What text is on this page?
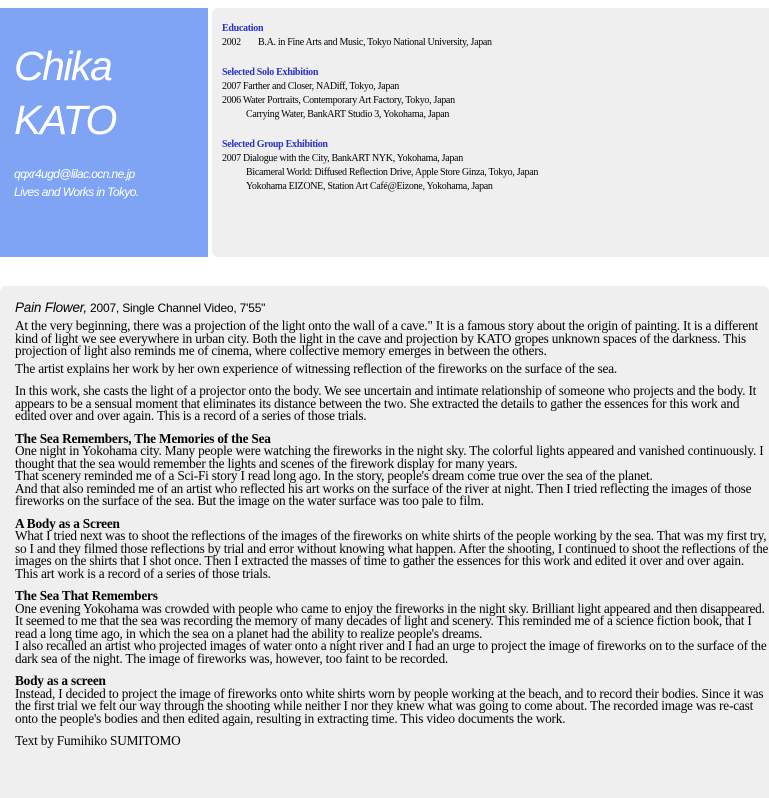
Chika
KATO
qqxr4ugd@lilac.ocn.ne.jp
Lives and Works in Tokyo.
Education
2002 B.A. in Fine Arts and Music, Tokyo National University, Japan
Selected Solo Exhibition
2007 Farther and Closer, NADiff, Tokyo, Japan
2006 Water Portraits, Contemporary Art Factory, Tokyo, Japan
Carrying Water, BankART Studio 3, Yokohama, Japan
Selected Group Exhibition
2007 Dialogue with the City, BankART NYK, Yokohama, Japan
Bicameral World: Diffused Reflection Drive, Apple Store Ginza, Tokyo, Japan
Yokohama EIZONE, Station Art Café@Eizone, Yokohama, Japan
Pain Flower, 2007, Single Channel Video, 7'55"

At the very beginning, there was a projection of the light onto the wall of a cave." It is a famous story about the origin of painting. It is a different kind of light we see everywhere in urban city. Both the light in the cave and projection by KATO gropes unknown spaces of the darkness. This projection of light also reminds me of cinema, where collective memory emerges in between the others.

The artist explains her work by her own experience of witnessing reflection of the fireworks on the surface of the sea.

In this work, she casts the light of a projector onto the body. We see uncertain and intimate relationship of someone who projects and the body. It appears to be a sensual moment that eliminates its distance between the two. She extracted the details to gather the essences for this work and edited over and over again. This is a record of a series of those trials.

The Sea Remembers, The Memories of the Sea

One night in Yokohama city. Many people were watching the fireworks in the night sky. The colorful lights appeared and vanished continuously. I thought that the sea would remember the lights and scenes of the firework display for many years.

That scenery reminded me of a Sci-Fi story I read long ago. In the story, people's dream come true over the sea of the planet.

And that also reminded me of an artist who reflected his art works on the surface of the river at night. Then I tried reflecting the images of those fireworks on the surface of the sea. But the image on the water surface was too pale to film.

A Body as a Screen

What I tried next was to shoot the reflections of the images of the fireworks on white shirts of the people working by the sea. That was my first try, so I and they filmed those reflections by trial and error without knowing what happen. After the shooting, I continued to shoot the reflections of the images on the shirts that I shot once. Then I extracted the masses of time to gather the essences for this work and edited it over and over again. This art work is a record of a series of those trials.

The Sea That Remembers

One evening Yokohama was crowded with people who came to enjoy the fireworks in the night sky. Brilliant light appeared and then disappeared. It seemed to me that the sea was recording the memory of many decades of light and scenery. This reminded me of a science fiction book, that I read a long time ago, in which the sea on a planet had the ability to realize people's dreams.

I also recalled an artist who projected images of water onto a night river and I had an urge to project the image of fireworks on to the surface of the dark sea of the night. The image of fireworks was, however, too faint to be recorded.

Body as a screen

Instead, I decided to project the image of fireworks onto white shirts worn by people working at the beach, and to record their bodies. Since it was the first trial we felt our way through the shooting while neither I nor they knew what was going to come about. The recorded image was re-cast onto the people's bodies and then edited again, resulting in extracting time. This video documents the work.

Text by Fumihiko SUMITOMO
